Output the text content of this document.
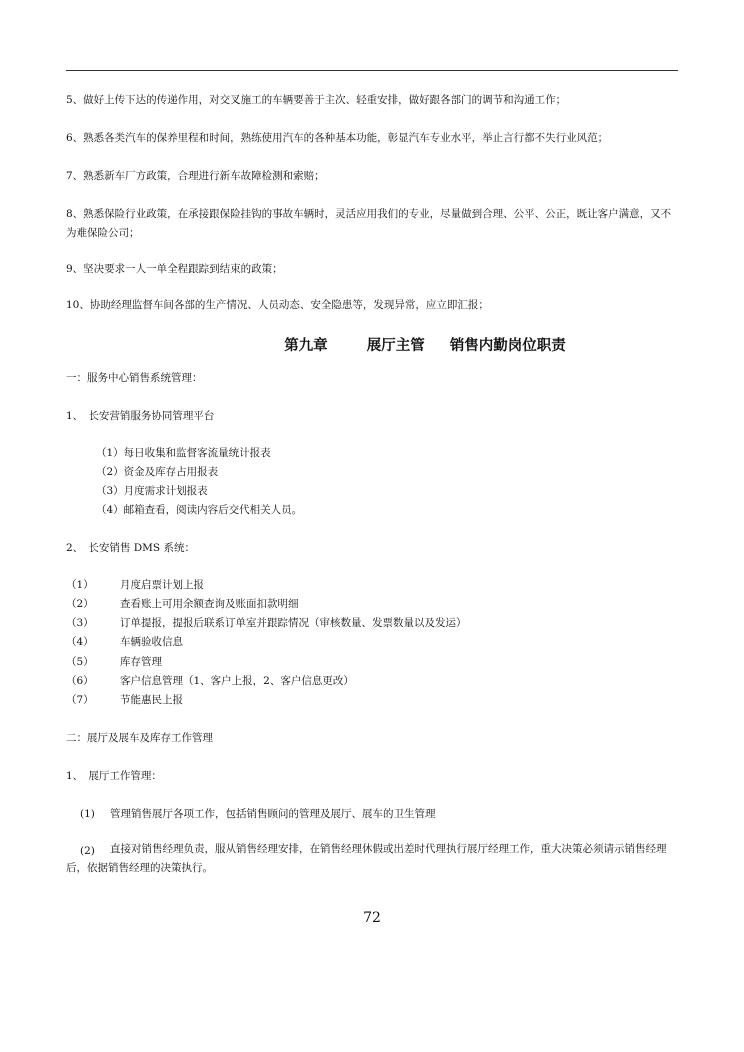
5、做好上传下达的传递作用，对交叉施工的车辆要善于主次、轻重安排，做好跟各部门的调节和沟通工作；
6、熟悉各类汽车的保养里程和时间，熟练使用汽车的各种基本功能，彰显汽车专业水平，举止言行都不失行业风范；
7、熟悉新车厂方政策，合理进行新车故障检测和索赔；
8、熟悉保险行业政策，在承接跟保险挂钩的事故车辆时，灵活应用我们的专业，尽量做到合理、公平、公正，既让客户满意，又不为难保险公司；
9、坚决要求一人一单全程跟踪到结束的政策；
10、协助经理监督车间各部的生产情况、人员动态、安全隐患等，发现异常，应立即汇报；
第九章	展厅主管 销售内勤岗位职责
一：服务中心销售系统管理：
1、　长安营销服务协同管理平台
（1）每日收集和监督客流量统计报表
（2）资金及库存占用报表
（3）月度需求计划报表
（4）邮箱查看，阅读内容后交代相关人员。
2、　长安销售 DMS 系统：
（1）	月度启票计划上报
（2）	查看账上可用余额查询及账面扣款明细
（3）	订单提报，提报后联系订单室并跟踪情况（审核数量、发票数量以及发运）
（4）	车辆验收信息
（5）	库存管理
（6）	客户信息管理（1、客户上报，2、客户信息更改）
（7）	节能惠民上报
二：展厅及展车及库存工作管理
1、　展厅工作管理：
(1) 管理销售展厅各项工作，包括销售顾问的管理及展厅、展车的卫生管理
(2)	直接对销售经理负责，服从销售经理安排，在销售经理休假或出差时代理执行展厅经理工作，重大决策必须请示销售经理后，依据销售经理的决策执行。
72
